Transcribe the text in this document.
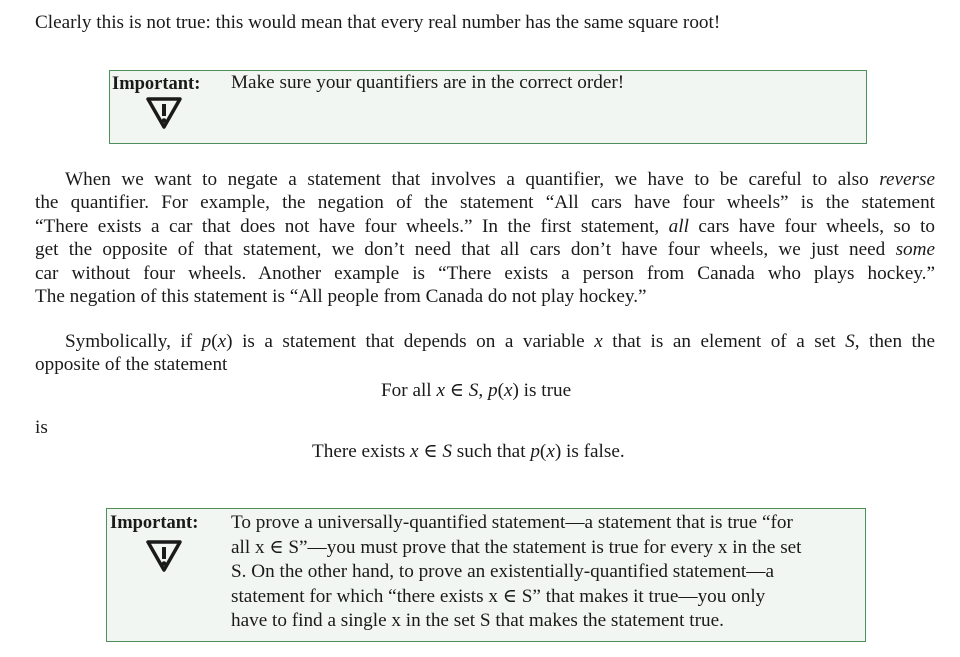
Clearly this is not true: this would mean that every real number has the same square root!
Important: Make sure your quantifiers are in the correct order!
When we want to negate a statement that involves a quantifier, we have to be careful to also reverse
the quantifier. For example, the negation of the statement “All cars have four wheels” is the statement
“There exists a car that does not have four wheels.” In the first statement, all cars have four wheels, so to
get the opposite of that statement, we don’t need that all cars don’t have four wheels, we just need some
car without four wheels. Another example is “There exists a person from Canada who plays hockey.”
The negation of this statement is “All people from Canada do not play hockey.”
Symbolically, if p(x) is a statement that depends on a variable x that is an element of a set S, then the
opposite of the statement
For all x ∈ S, p(x) is true
is
There exists x ∈ S such that p(x) is false.
Important: To prove a universally-quantified statement—a statement that is true “for
all x ∈ S”—you must prove that the statement is true for every x in the set
S. On the other hand, to prove an existentially-quantified statement—a
statement for which “there exists x ∈ S” that makes it true—you only
have to find a single x in the set S that makes the statement true.
